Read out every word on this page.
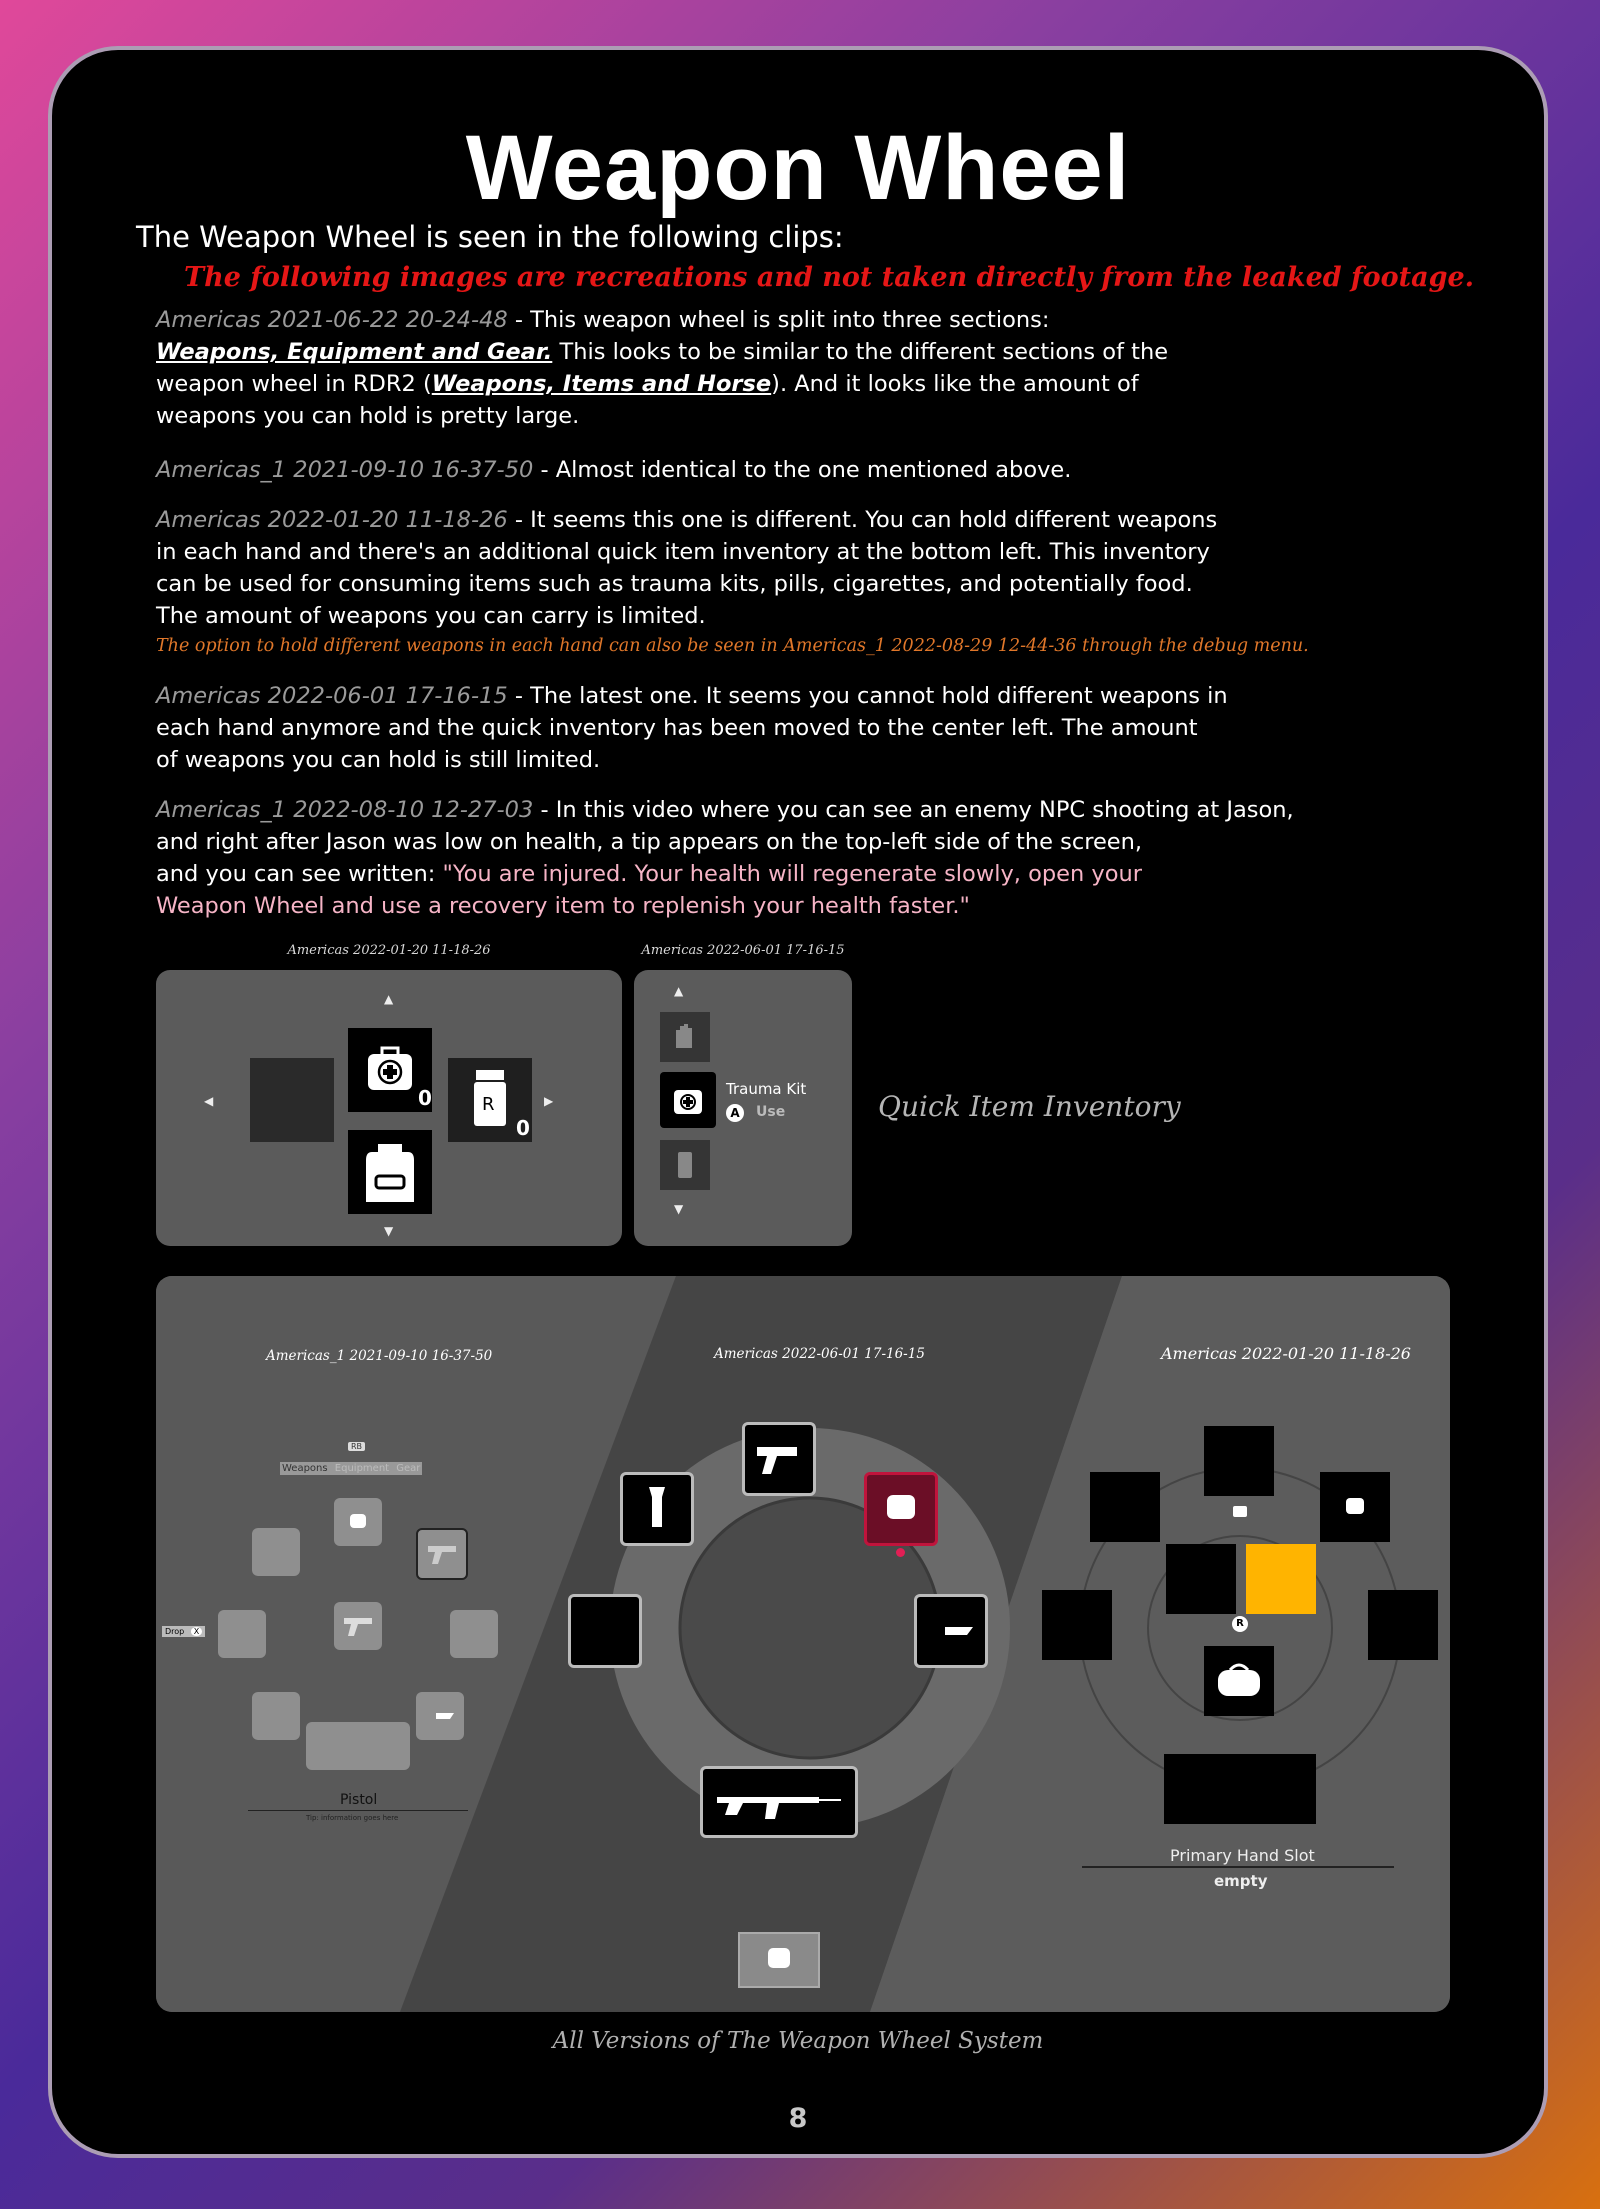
Weapon Wheel
The Weapon Wheel is seen in the following clips:
The following images are recreations and not taken directly from the leaked footage.
Americas 2021-06-22 20-24-48 - This weapon wheel is split into three sections:
Weapons, Equipment and Gear. This looks to be similar to the different sections of the
weapon wheel in RDR2 (Weapons, Items and Horse). And it looks like the amount of
weapons you can hold is pretty large.
Americas_1 2021-09-10 16-37-50 - Almost identical to the one mentioned above.
Americas 2022-01-20 11-18-26 - It seems this one is different. You can hold different weapons
in each hand and there's an additional quick item inventory at the bottom left. This inventory
can be used for consuming items such as trauma kits, pills, cigarettes, and potentially food.
The amount of weapons you can carry is limited.
The option to hold different weapons in each hand can also be seen in Americas_1 2022-08-29 12-44-36 through the debug menu.
Americas 2022-06-01 17-16-15 - The latest one. It seems you cannot hold different weapons in
each hand anymore and the quick inventory has been moved to the center left. The amount
of weapons you can hold is still limited.
Americas_1 2022-08-10 12-27-03 - In this video where you can see an enemy NPC shooting at Jason,
and right after Jason was low on health, a tip appears on the top-left side of the screen,
and you can see written: "You are injured. Your health will regenerate slowly, open your
Weapon Wheel and use a recovery item to replenish your health faster."
Americas 2022-01-20 11-18-26
▲
◀	▶
▼
0	R
0
Americas 2022-06-01 17-16-15
▲
Trauma Kit
A	Use
▼
Quick Item Inventory
Americas_1 2021-09-10 16-37-50	Americas 2022-06-01 17-16-15	Americas 2022-01-20 11-18-26
RB
Weapons Equipment Gear
Drop X
Pistol
Tip: information goes here
R
Primary Hand Slot
empty
All Versions of The Weapon Wheel System
8
